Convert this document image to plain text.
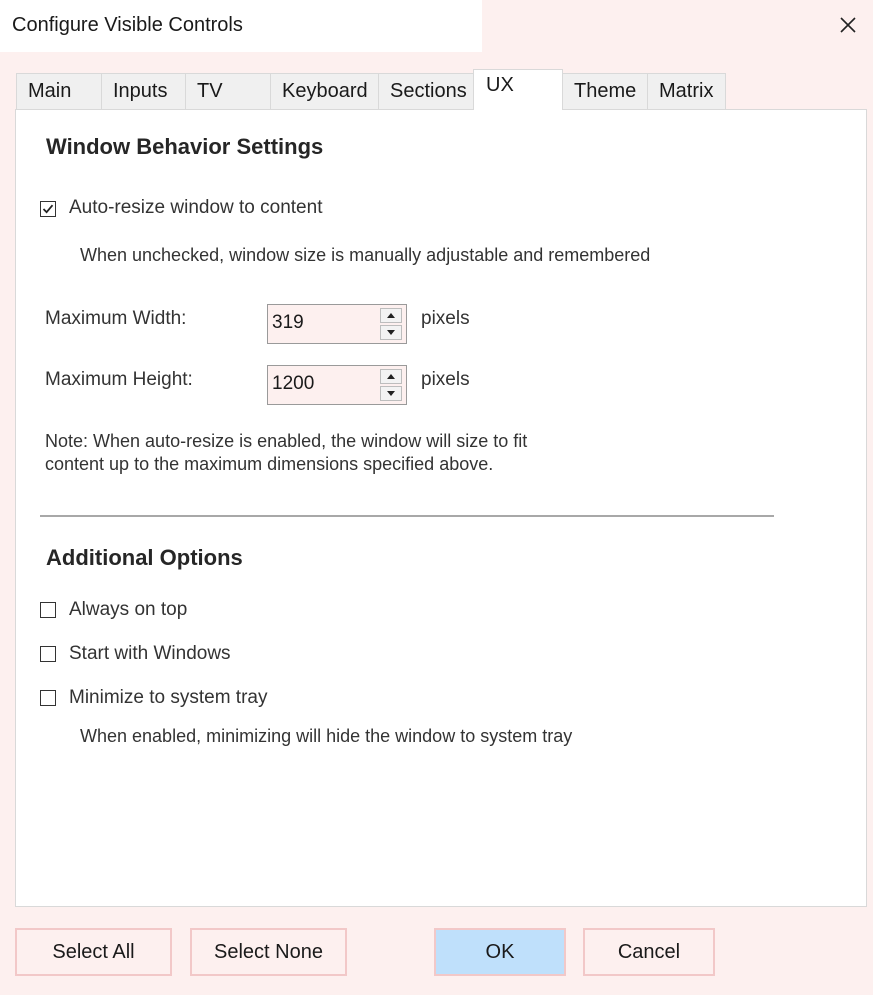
Configure Visible Controls
Main	Inputs	TV	Keyboard	Sections UX	Theme	Matrix
Window Behavior Settings
Auto-resize window to content
When unchecked, window size is manually adjustable and remembered
Maximum Width:
319	pixels
Maximum Height:
1200	pixels
Note: When auto-resize is enabled, the window will size to fit
content up to the maximum dimensions specified above.
Additional Options
Always on top
Start with Windows
Minimize to system tray
When enabled, minimizing will hide the window to system tray
Select All	Select None	OK	Cancel
